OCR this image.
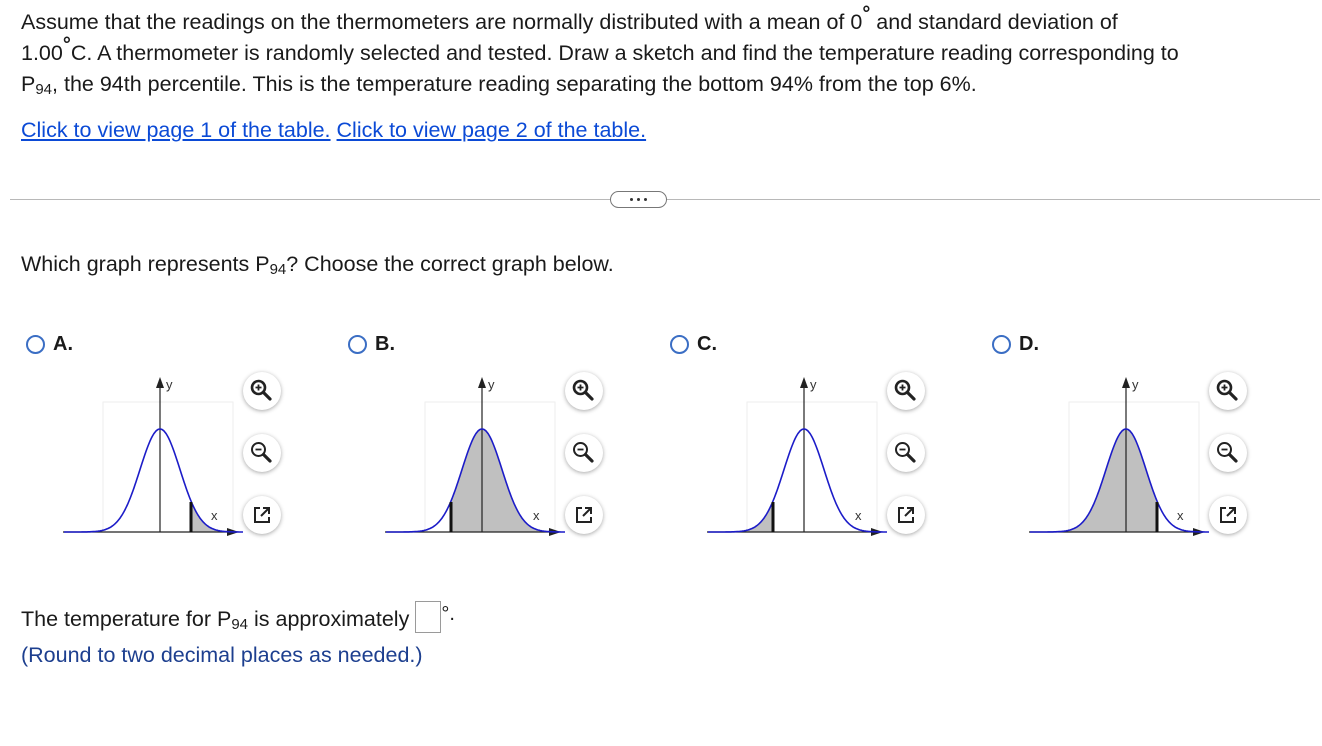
Assume that the readings on the thermometers are normally distributed with a mean of 0° and standard deviation of

1.00°C. A thermometer is randomly selected and tested. Draw a sketch and find the temperature reading corresponding to

$P_{94}$, the 94th percentile. This is the temperature reading separating the bottom 94% from the top 6%.

Click to view page 1 of the table. Click to view page 2 of the table.
Which graph represents $P_{94}$? Choose the correct graph below.
A.
y
x
B.
y
x
C.
y
x
D.
y
x
The temperature for $P_{94}$ is approximately °.
(Round to two decimal places as needed.)
